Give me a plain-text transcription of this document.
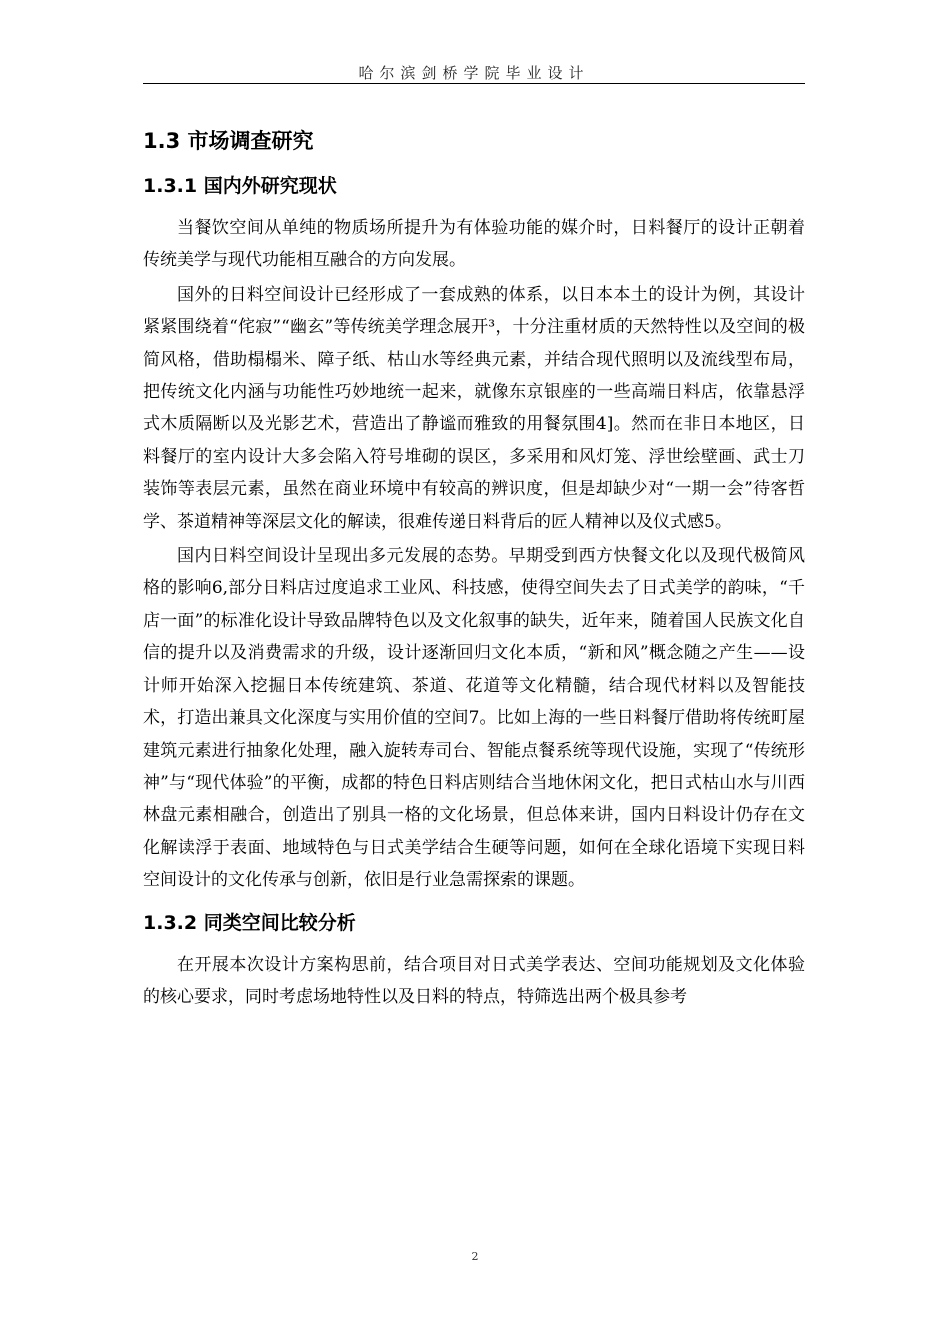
哈尔滨剑桥学院毕业设计
1.3 市场调查研究
1.3.1 国内外研究现状

当餐饮空间从单纯的物质场所提升为有体验功能的媒介时，日料餐厅的设计正朝着传统美学与现代功能相互融合的方向发展。

国外的日料空间设计已经形成了一套成熟的体系，以日本本土的设计为例，其设计紧紧围绕着“侘寂”“幽玄”等传统美学理念展开³，十分注重材质的天然特性以及空间的极简风格，借助榻榻米、障子纸、枯山水等经典元素，并结合现代照明以及流线型布局，把传统文化内涵与功能性巧妙地统一起来，就像东京银座的一些高端日料店，依靠悬浮式木质隔断以及光影艺术，营造出了静谧而雅致的用餐氛围4]。然而在非日本地区，日料餐厅的室内设计大多会陷入符号堆砌的误区，多采用和风灯笼、浮世绘壁画、武士刀装饰等表层元素，虽然在商业环境中有较高的辨识度，但是却缺少对“一期一会”待客哲学、茶道精神等深层文化的解读，很难传递日料背后的匠人精神以及仪式感5。

国内日料空间设计呈现出多元发展的态势。早期受到西方快餐文化以及现代极简风格的影响6,部分日料店过度追求工业风、科技感，使得空间失去了日式美学的韵味，“千店一面”的标准化设计导致品牌特色以及文化叙事的缺失，近年来，随着国人民族文化自信的提升以及消费需求的升级，设计逐渐回归文化本质，“新和风”概念随之产生——设计师开始深入挖掘日本传统建筑、茶道、花道等文化精髓，结合现代材料以及智能技术，打造出兼具文化深度与实用价值的空间7。比如上海的一些日料餐厅借助将传统町屋建筑元素进行抽象化处理，融入旋转寿司台、智能点餐系统等现代设施，实现了“传统形神”与“现代体验”的平衡，成都的特色日料店则结合当地休闲文化，把日式枯山水与川西林盘元素相融合，创造出了别具一格的文化场景，但总体来讲，国内日料设计仍存在文化解读浮于表面、地域特色与日式美学结合生硬等问题，如何在全球化语境下实现日料空间设计的文化传承与创新，依旧是行业急需探索的课题。

1.3.2 同类空间比较分析

在开展本次设计方案构思前，结合项目对日式美学表达、空间功能规划及文化体验的核心要求，同时考虑场地特性以及日料的特点，特筛选出两个极具参考

2
